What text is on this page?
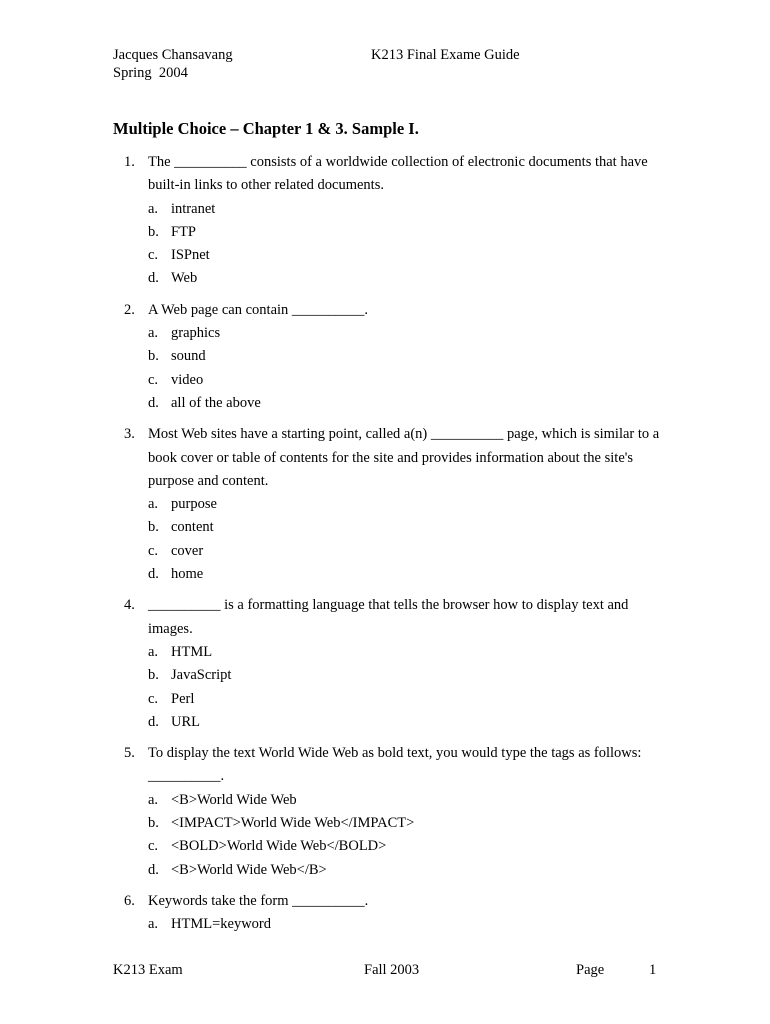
Jacques Chansavang
Spring  2004
K213 Final Exame Guide
Multiple Choice – Chapter 1 & 3. Sample I.
1. The __________ consists of a worldwide collection of electronic documents that have built-in links to other related documents.
a. intranet
b. FTP
c. ISPnet
d. Web
2. A Web page can contain __________.
a. graphics
b. sound
c. video
d. all of the above
3. Most Web sites have a starting point, called a(n) __________ page, which is similar to a book cover or table of contents for the site and provides information about the site's purpose and content.
a. purpose
b. content
c. cover
d. home
4. __________ is a formatting language that tells the browser how to display text and images.
a. HTML
b. JavaScript
c. Perl
d. URL
5. To display the text World Wide Web as bold text, you would type the tags as follows: __________.
a. <B>World Wide Web
b. <IMPACT>World Wide Web</IMPACT>
c. <BOLD>World Wide Web</BOLD>
d. <B>World Wide Web</B>
6. Keywords take the form __________.
a. HTML=keyword
K213 Exam	Fall 2003	Page	1
